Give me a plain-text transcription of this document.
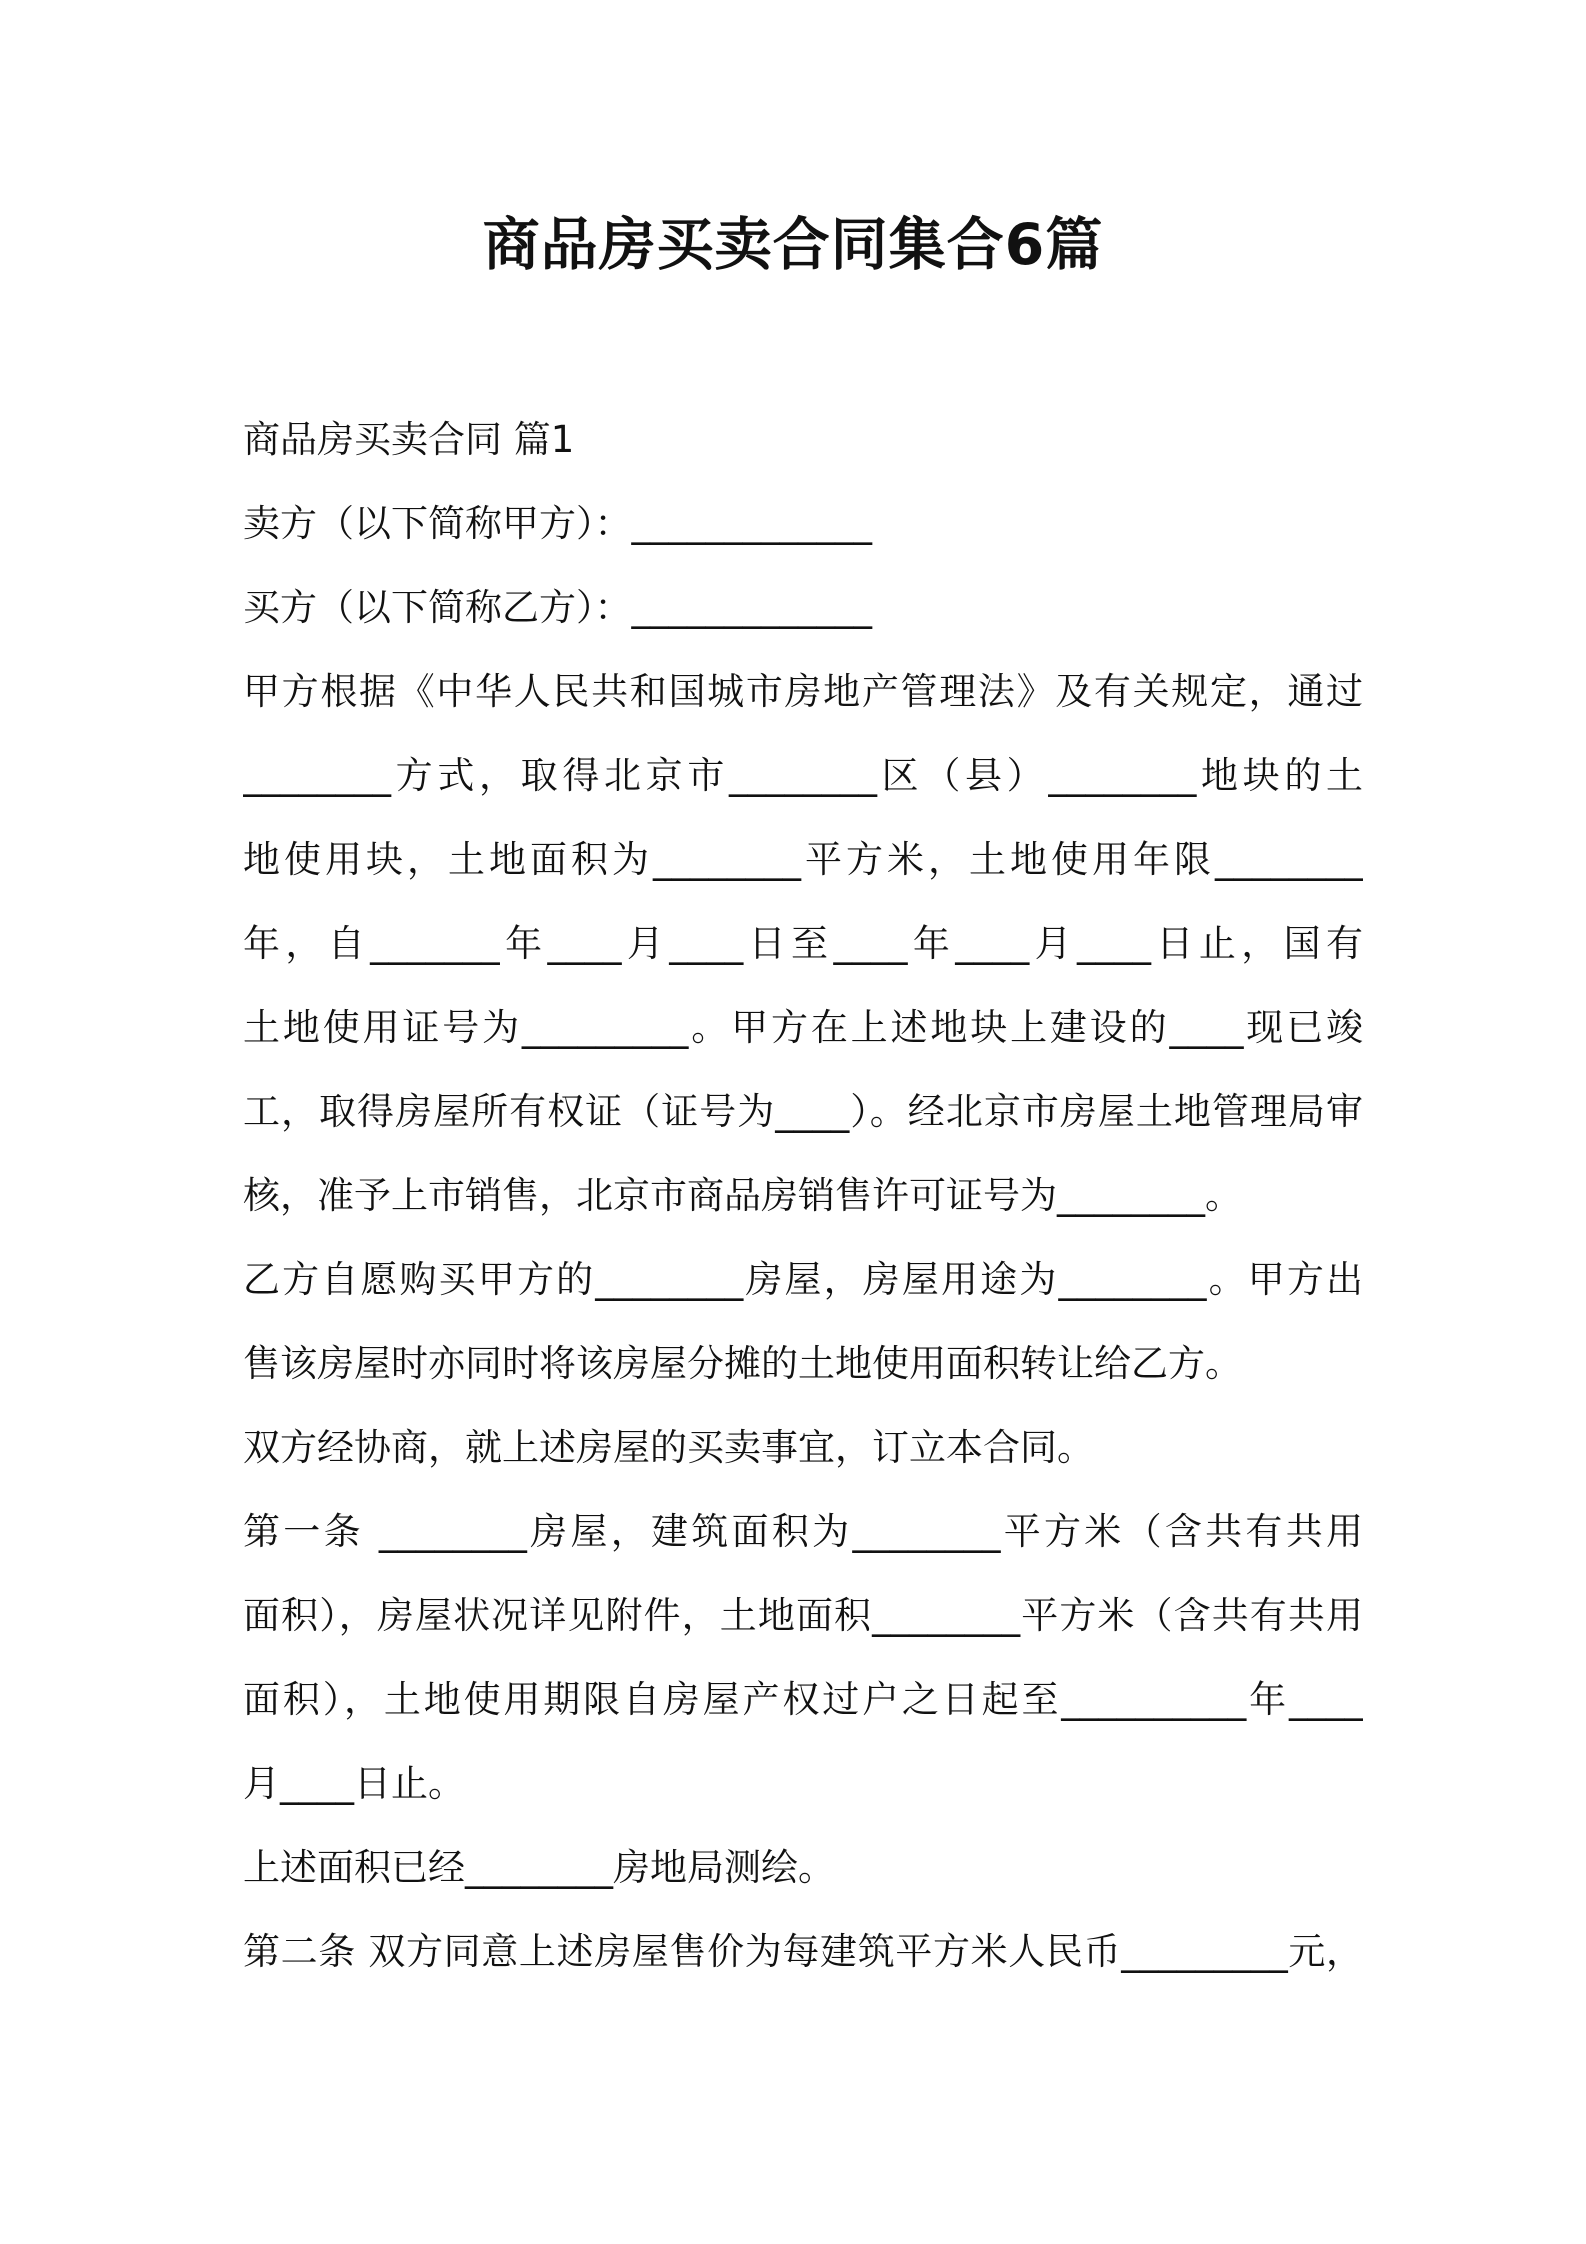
商品房买卖合同集合6篇

商品房买卖合同 篇1

卖方（以下简称甲方）：_____________

买方（以下简称乙方）：_____________

甲方根据《中华人民共和国城市房地产管理法》及有关规定，通过

________方式，取得北京市________区（县）________地块的土

地使用块，土地面积为________平方米，土地使用年限________

年，自_______年____月____日至____年____月____日止，国有

土地使用证号为_________。甲方在上述地块上建设的____现已竣

工，取得房屋所有权证（证号为____）。经北京市房屋土地管理局审

核，准予上市销售，北京市商品房销售许可证号为________。

乙方自愿购买甲方的________房屋，房屋用途为________。甲方出

售该房屋时亦同时将该房屋分摊的土地使用面积转让给乙方。

双方经协商，就上述房屋的买卖事宜，订立本合同。

第一条 ________房屋，建筑面积为________平方米（含共有共用

面积），房屋状况详见附件，土地面积________平方米（含共有共用

面积），土地使用期限自房屋产权过户之日起至__________年____

月____日止。

上述面积已经________房地局测绘。

第二条 双方同意上述房屋售价为每建筑平方米人民币_________元，
